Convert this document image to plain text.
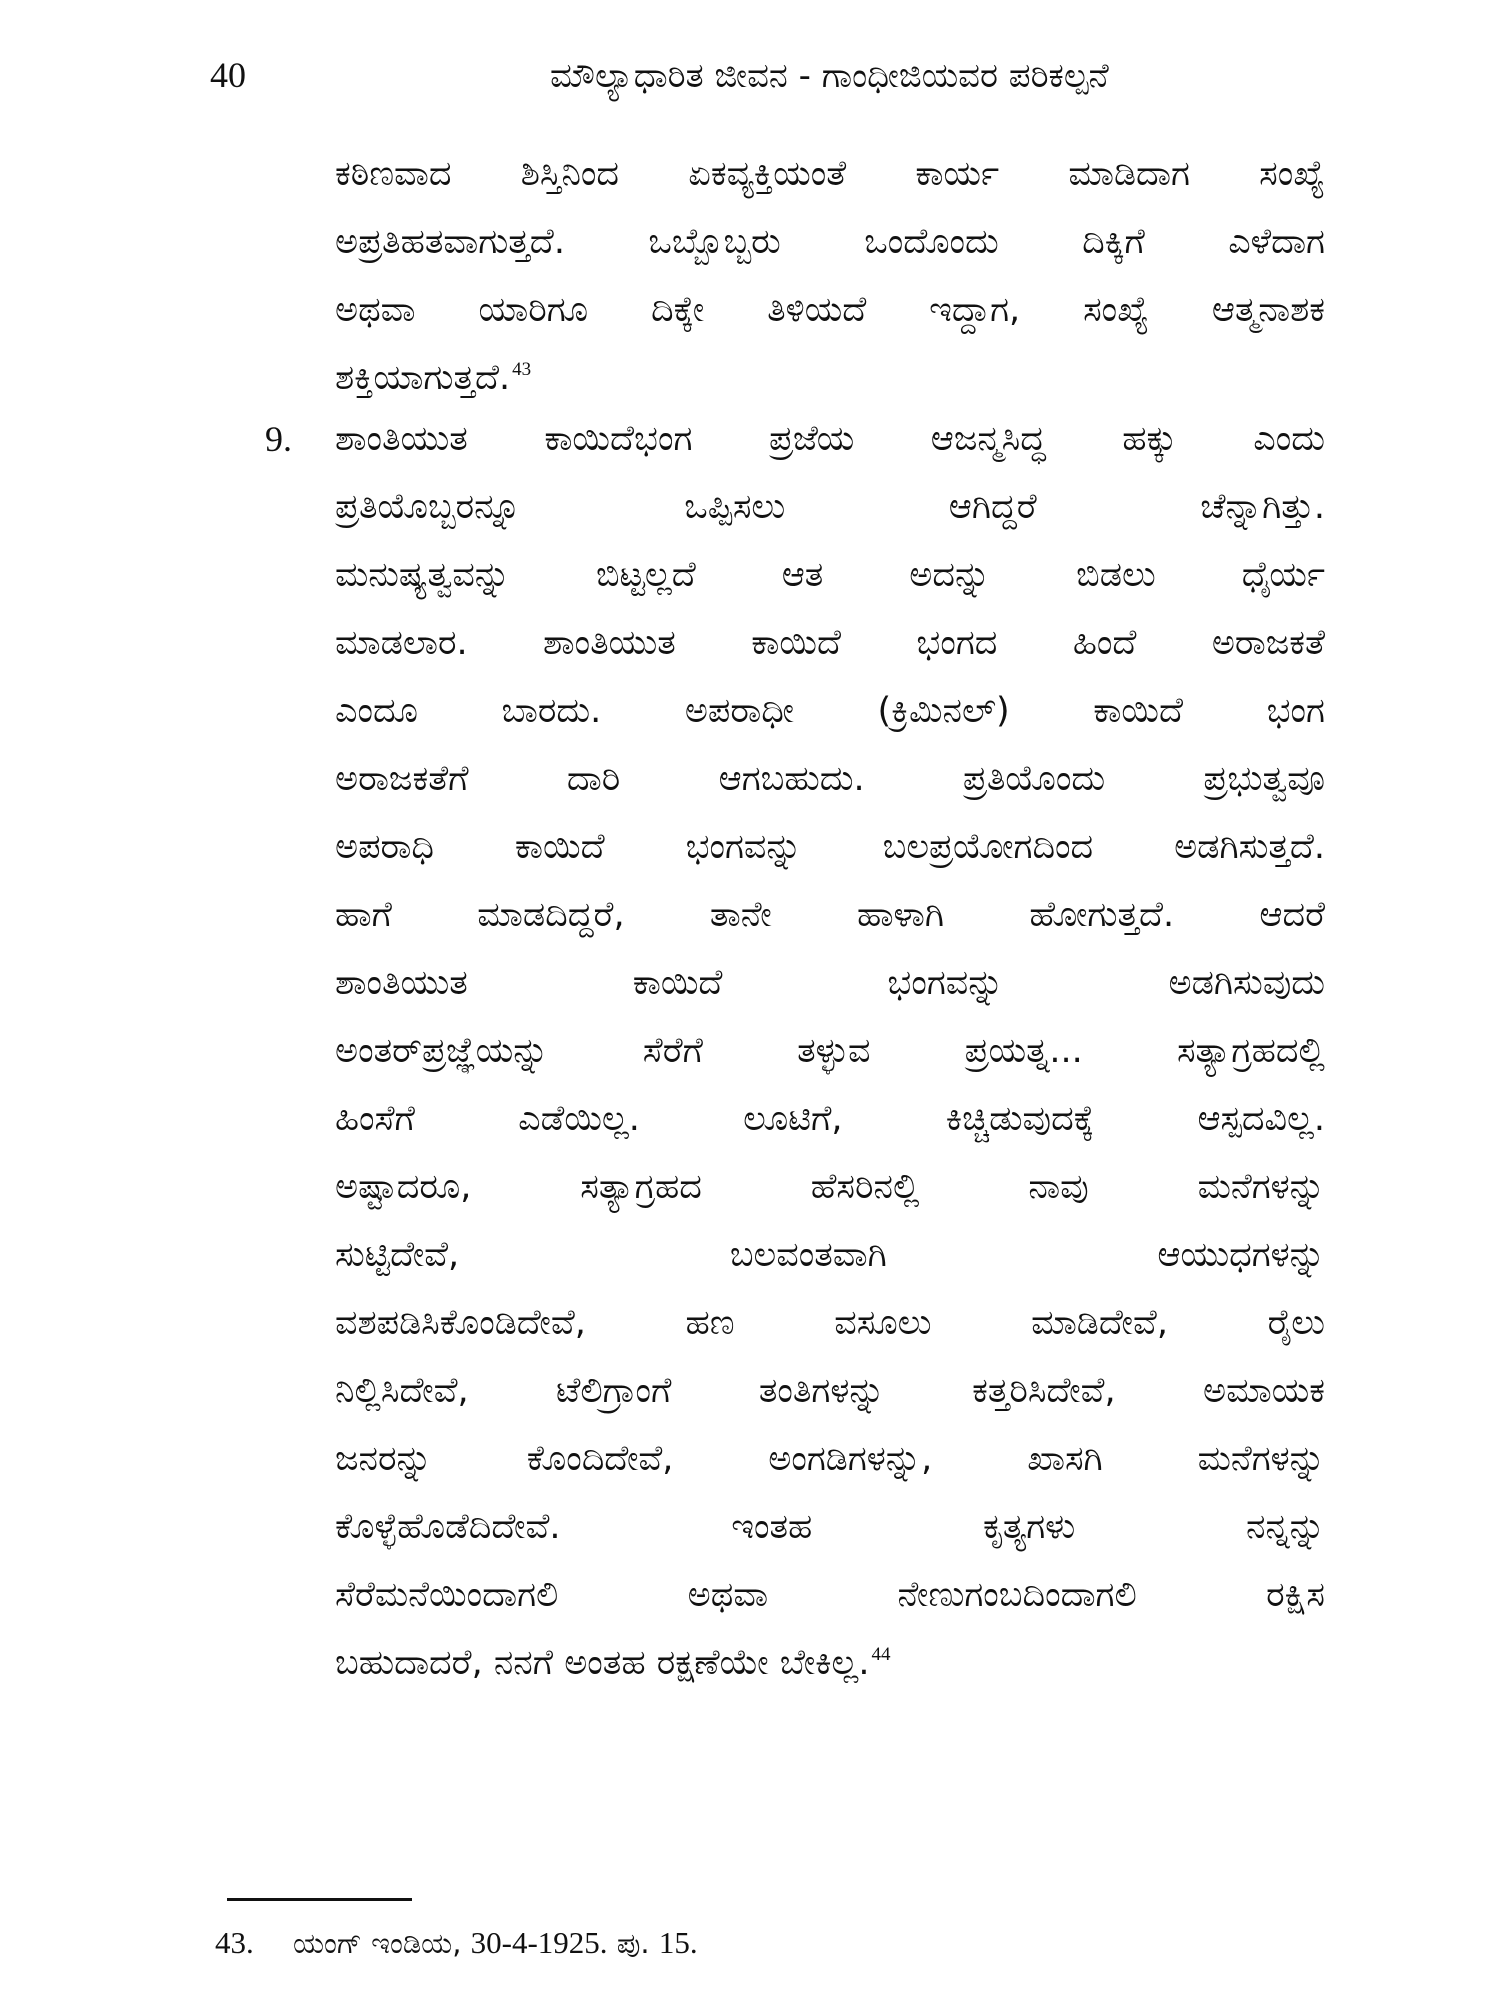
40	ಮೌಲ್ಯಾಧಾರಿತ ಜೀವನ - ಗಾಂಧೀಜಿಯವರ ಪರಿಕಲ್ಪನೆ
ಕಠಿಣವಾದ ಶಿಸ್ತಿನಿಂದ ಏಕವ್ಯಕ್ತಿಯಂತೆ ಕಾರ್ಯ ಮಾಡಿದಾಗ ಸಂಖ್ಯೆ
ಅಪ್ರತಿಹತವಾಗುತ್ತದೆ. ಒಬ್ಬೊಬ್ಬರು ಒಂದೊಂದು ದಿಕ್ಕಿಗೆ ಎಳೆದಾಗ
ಅಥವಾ ಯಾರಿಗೂ ದಿಕ್ಕೇ ತಿಳಿಯದೆ ಇದ್ದಾಗ, ಸಂಖ್ಯೆ ಆತ್ಮನಾಶಕ
ಶಕ್ತಿಯಾಗುತ್ತದೆ. $^{43}$
9. ಶಾಂತಿಯುತ ಕಾಯಿದೆಭಂಗ ಪ್ರಜೆಯ ಆಜನ್ಮಸಿದ್ಧ ಹಕ್ಕು ಎಂದು
ಪ್ರತಿಯೊಬ್ಬರನ್ನೂ ಒಪ್ಪಿಸಲು ಆಗಿದ್ದರೆ ಚೆನ್ನಾಗಿತ್ತು.
ಮನುಷ್ಯತ್ವವನ್ನು ಬಿಟ್ಟಲ್ಲದೆ ಆತ ಅದನ್ನು ಬಿಡಲು ಧೈರ್ಯ
ಮಾಡಲಾರ. ಶಾಂತಿಯುತ ಕಾಯಿದೆ ಭಂಗದ ಹಿಂದೆ ಅರಾಜಕತೆ
ಎಂದೂ ಬಾರದು. ಅಪರಾಧೀ (ಕ್ರಿಮಿನಲ್) ಕಾಯಿದೆ ಭಂಗ
ಅರಾಜಕತೆಗೆ ದಾರಿ ಆಗಬಹುದು. ಪ್ರತಿಯೊಂದು ಪ್ರಭುತ್ವವೂ
ಅಪರಾಧಿ ಕಾಯಿದೆ ಭಂಗವನ್ನು ಬಲಪ್ರಯೋಗದಿಂದ ಅಡಗಿಸುತ್ತದೆ.
ಹಾಗೆ ಮಾಡದಿದ್ದರೆ, ತಾನೇ ಹಾಳಾಗಿ ಹೋಗುತ್ತದೆ. ಆದರೆ
ಶಾಂತಿಯುತ ಕಾಯಿದೆ ಭಂಗವನ್ನು ಅಡಗಿಸುವುದು
ಅಂತರ್‌ಪ್ರಜ್ಞೆಯನ್ನು ಸೆರೆಗೆ ತಳ್ಳುವ ಪ್ರಯತ್ನ... ಸತ್ಯಾಗ್ರಹದಲ್ಲಿ
ಹಿಂಸೆಗೆ ಎಡೆಯಿಲ್ಲ. ಲೂಟಿಗೆ, ಕಿಚ್ಚಿಡುವುದಕ್ಕೆ ಆಸ್ಪದವಿಲ್ಲ.
ಅಷ್ಟಾದರೂ, ಸತ್ಯಾಗ್ರಹದ ಹೆಸರಿನಲ್ಲಿ ನಾವು ಮನೆಗಳನ್ನು
ಸುಟ್ಟಿದೇವೆ, ಬಲವಂತವಾಗಿ ಆಯುಧಗಳನ್ನು
ವಶಪಡಿಸಿಕೊಂಡಿದೇವೆ, ಹಣ ವಸೂಲು ಮಾಡಿದೇವೆ, ರೈಲು
ನಿಲ್ಲಿಸಿದೇವೆ, ಟೆಲಿಗ್ರಾಂಗೆ ತಂತಿಗಳನ್ನು ಕತ್ತರಿಸಿದೇವೆ, ಅಮಾಯಕ
ಜನರನ್ನು ಕೊಂದಿದೇವೆ, ಅಂಗಡಿಗಳನ್ನು, ಖಾಸಗಿ ಮನೆಗಳನ್ನು
ಕೊಳ್ಳೆಹೊಡೆದಿದೇವೆ. ಇಂತಹ ಕೃತ್ಯಗಳು ನನ್ನನ್ನು
ಸೆರೆಮನೆಯಿಂದಾಗಲಿ ಅಥವಾ ನೇಣುಗಂಬದಿಂದಾಗಲಿ ರಕ್ಷಿಸ
ಬಹುದಾದರೆ, ನನಗೆ ಅಂತಹ ರಕ್ಷಣೆಯೇ ಬೇಕಿಲ್ಲ. $^{44}$
43. ಯಂಗ್ ಇಂಡಿಯ, 30-4-1925. ಪು. 15.
